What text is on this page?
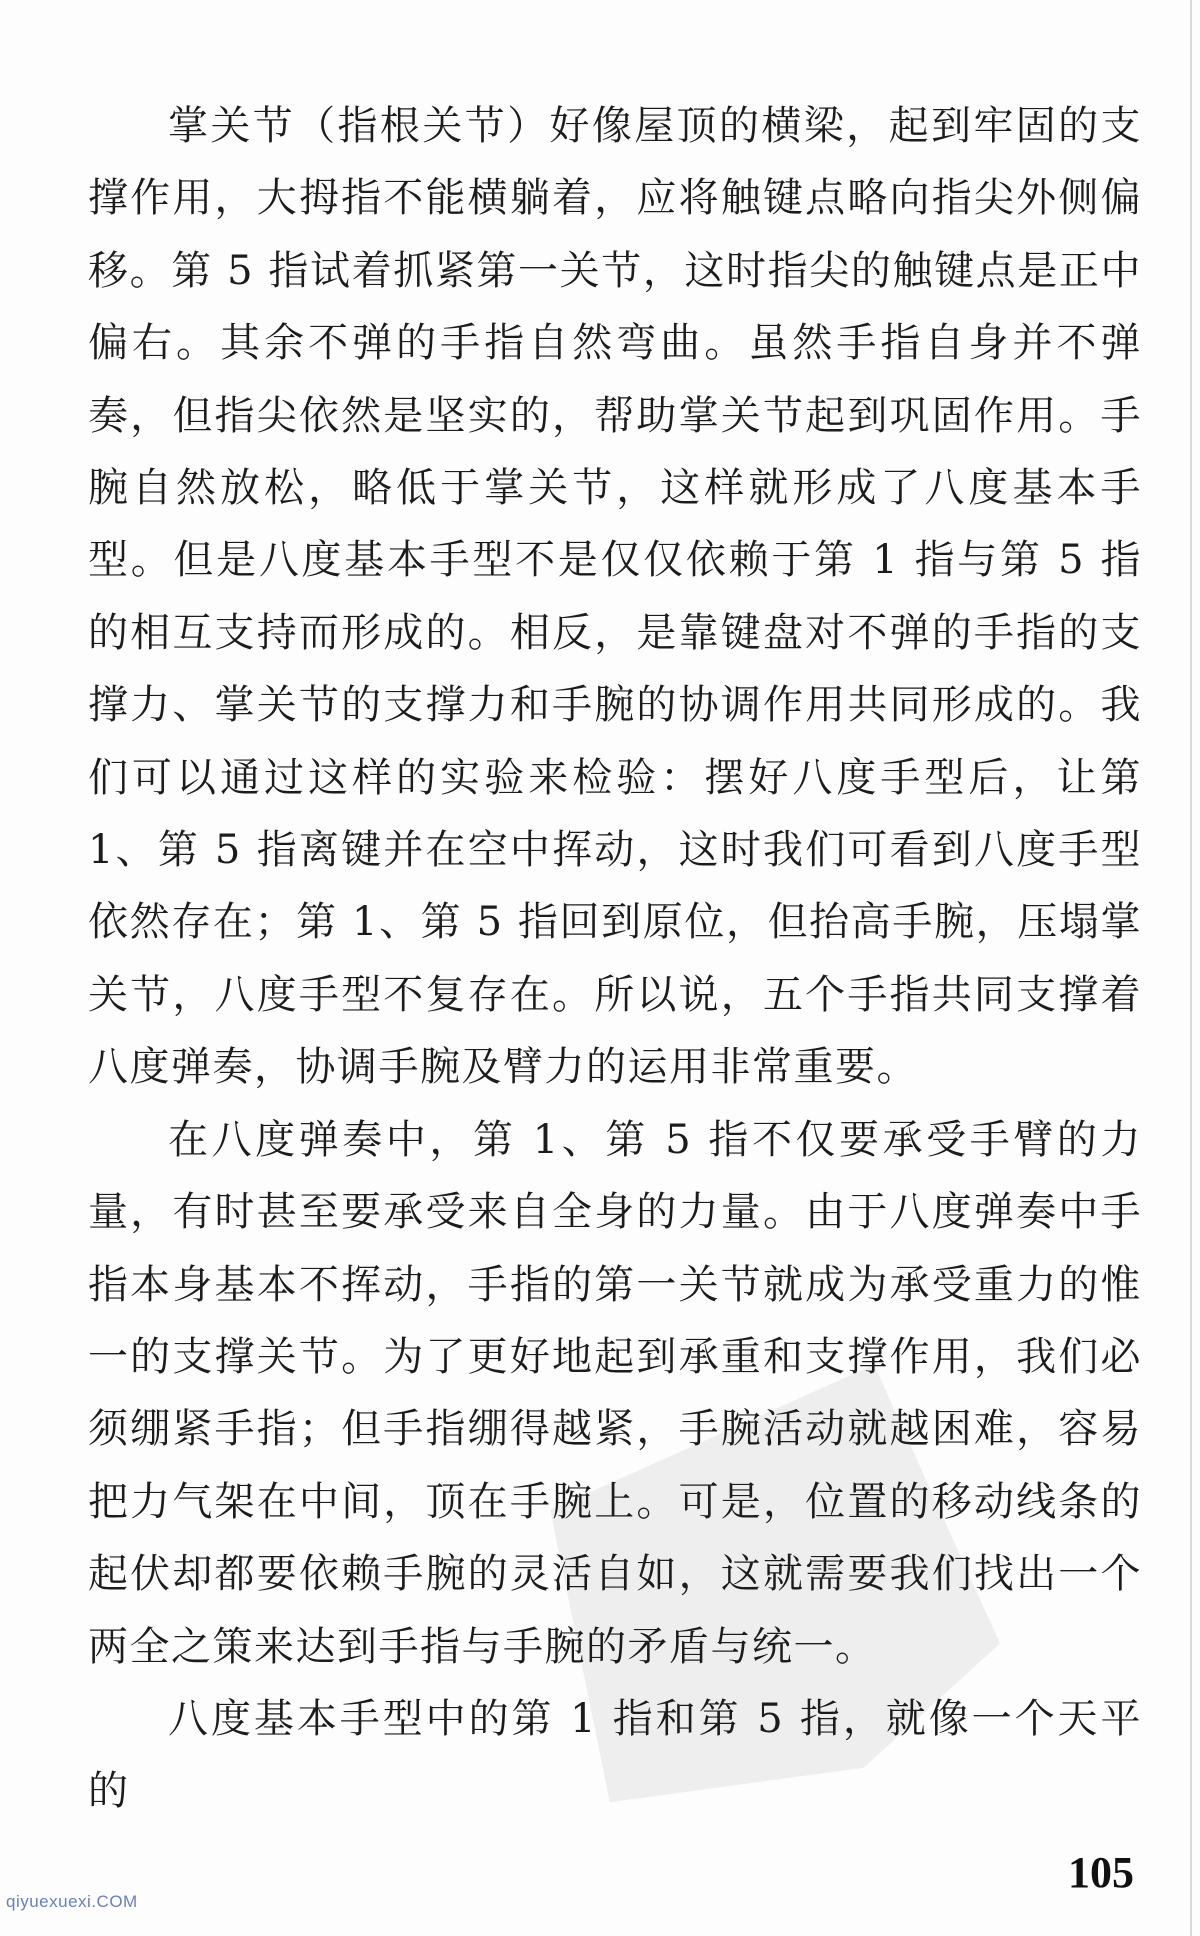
掌关节（指根关节）好像屋顶的横梁，起到牢固的支撑作用，大拇指不能横躺着，应将触键点略向指尖外侧偏移。第 5 指试着抓紧第一关节，这时指尖的触键点是正中偏右。其余不弹的手指自然弯曲。虽然手指自身并不弹奏，但指尖依然是坚实的，帮助掌关节起到巩固作用。手腕自然放松，略低于掌关节，这样就形成了八度基本手型。但是八度基本手型不是仅仅依赖于第 1 指与第 5 指的相互支持而形成的。相反，是靠键盘对不弹的手指的支撑力、掌关节的支撑力和手腕的协调作用共同形成的。我们可以通过这样的实验来检验：摆好八度手型后，让第 1、第 5 指离键并在空中挥动，这时我们可看到八度手型依然存在；第 1、第 5 指回到原位，但抬高手腕，压塌掌关节，八度手型不复存在。所以说，五个手指共同支撑着八度弹奏，协调手腕及臂力的运用非常重要。

在八度弹奏中，第 1、第 5 指不仅要承受手臂的力量，有时甚至要承受来自全身的力量。由于八度弹奏中手指本身基本不挥动，手指的第一关节就成为承受重力的惟一的支撑关节。为了更好地起到承重和支撑作用，我们必须绷紧手指；但手指绷得越紧，手腕活动就越困难，容易把力气架在中间，顶在手腕上。可是，位置的移动线条的起伏却都要依赖手腕的灵活自如，这就需要我们找出一个两全之策来达到手指与手腕的矛盾与统一。

八度基本手型中的第 1 指和第 5 指，就像一个天平的

qiyuexuexi.COM
105
